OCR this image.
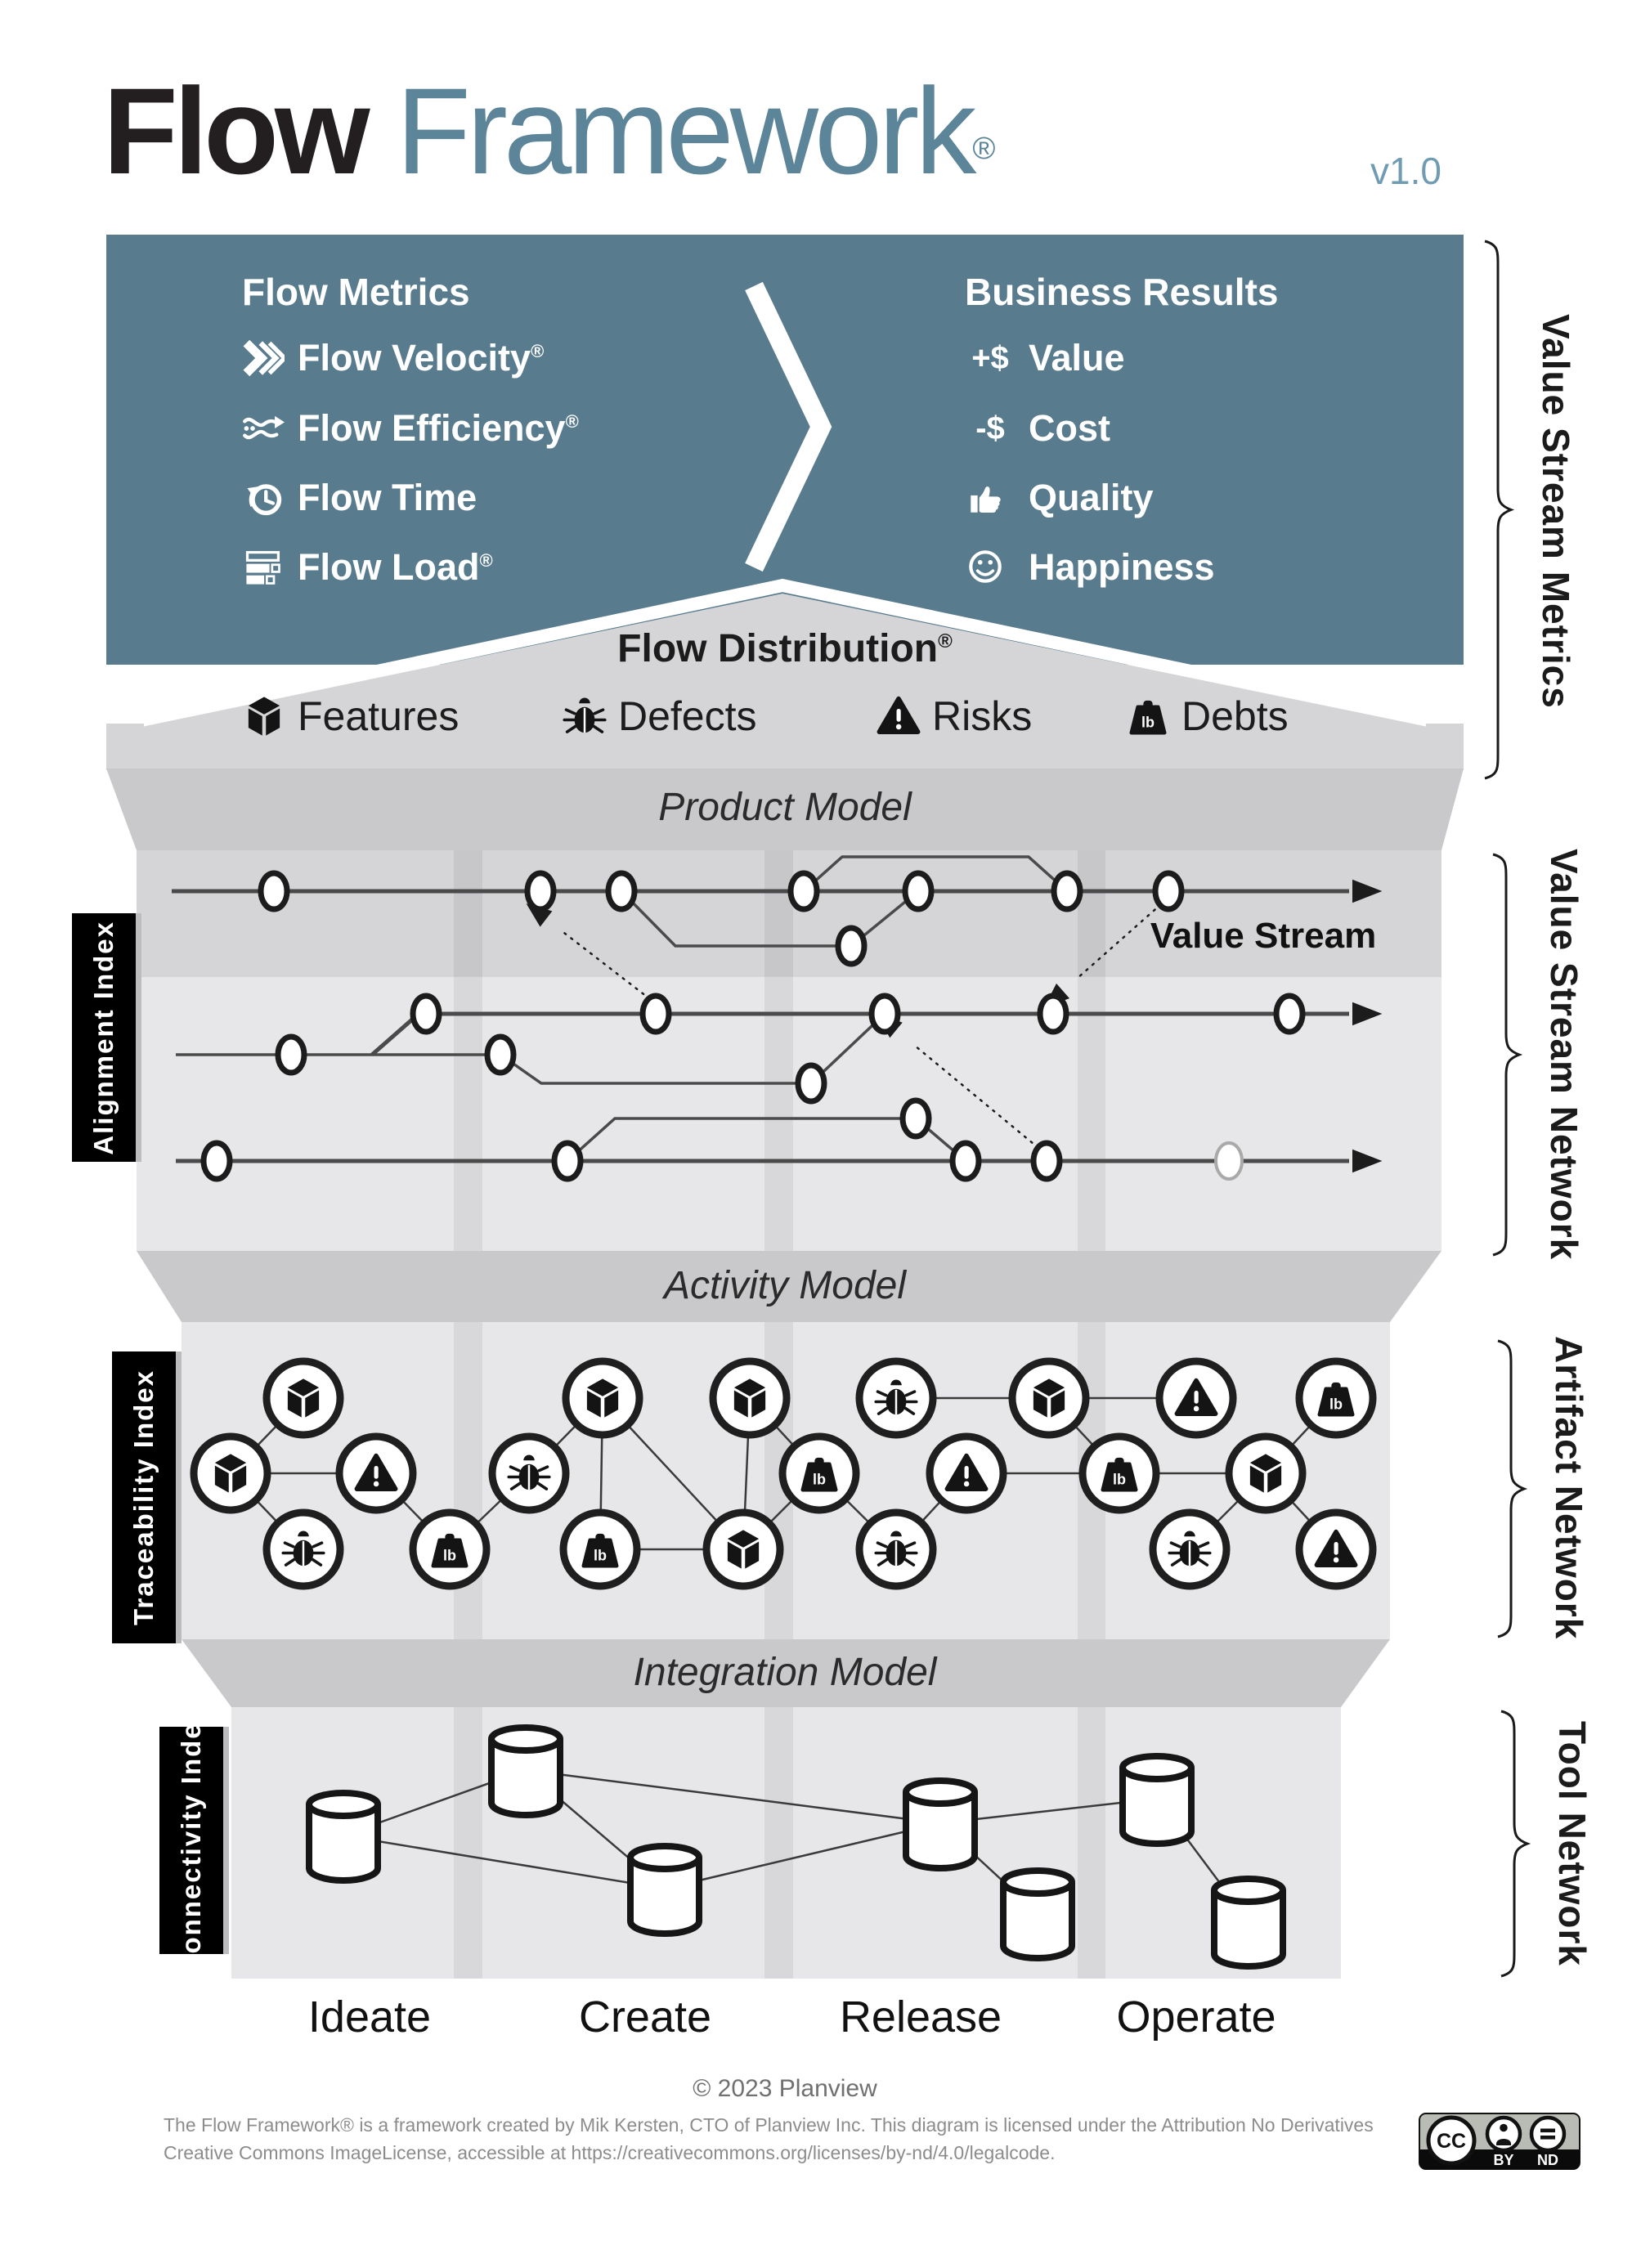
Flow Framework®
v1.0
Flow Metrics
Flow Velocity®
Flow Efficiency®
Flow Time
Flow Load®
Business Results
+$ Value
-$ Cost
Quality
Happiness
Flow Distribution®
Features	Defects	Risks	Debts
Product Model
Activity Model
Integration Model
Value Stream
Alignment Index
Traceability Index
Connectivity Index
Value Stream Metrics
Value Stream Network
Artifact Network
Tool Network
Ideate	Create	Release	Operate
© 2023 Planview
The Flow Framework® is a framework created by Mik Kersten, CTO of Planview Inc. This diagram is licensed under the Attribution No Derivatives
Creative Commons ImageLicense, accessible at https://creativecommons.org/licenses/by-nd/4.0/legalcode.	CC
BY ND
